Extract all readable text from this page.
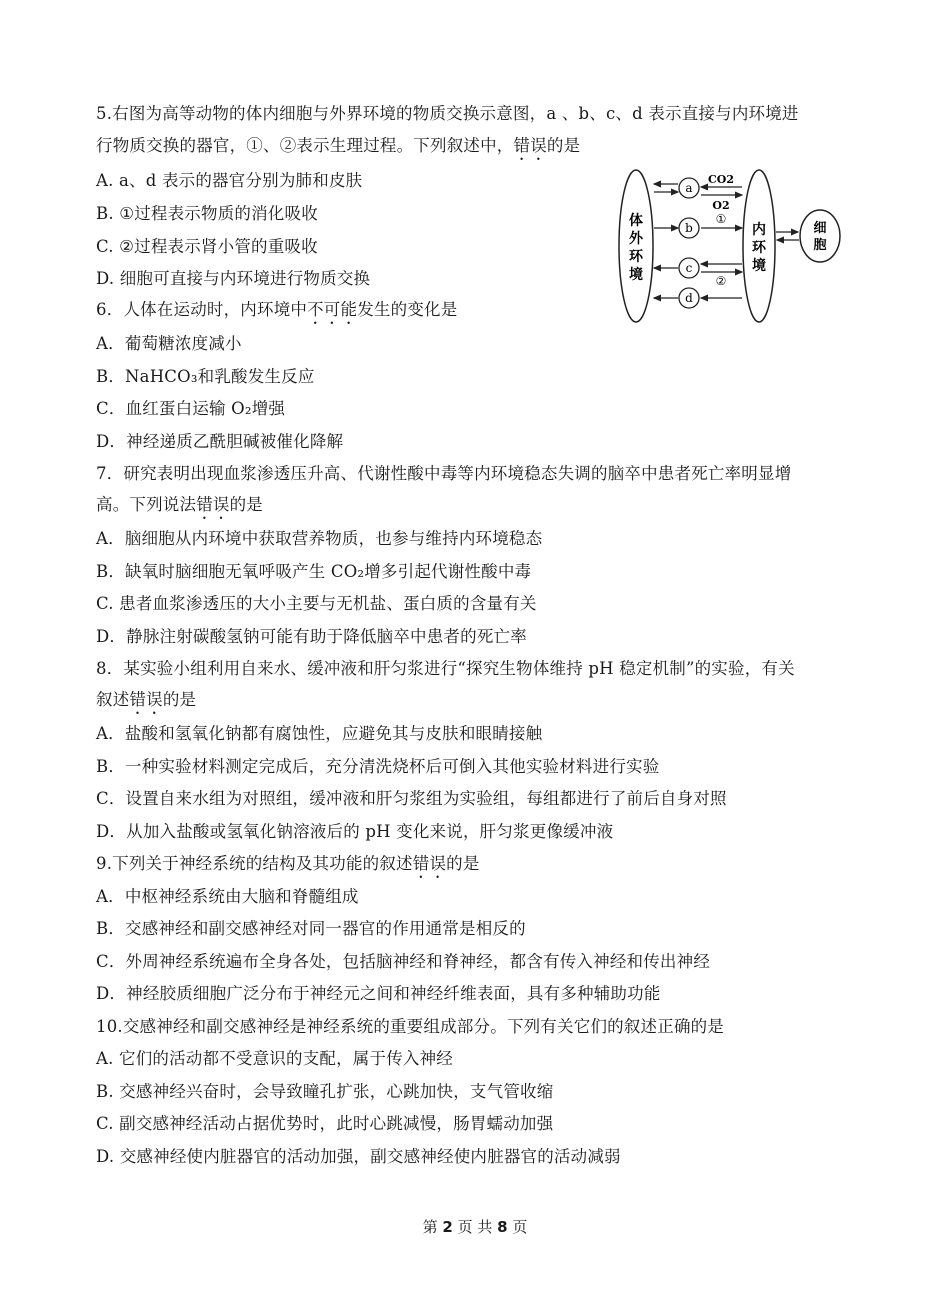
5.右图为高等动物的体内细胞与外界环境的物质交换示意图，a 、b、c、d 表示直接与内环境进
行物质交换的器官，①、②表示生理过程。下列叙述中，错误的是
A. a、d 表示的器官分别为肺和皮肤
B. ①过程表示物质的消化吸收
C. ②过程表示肾小管的重吸收
D. 细胞可直接与内环境进行物质交换
体
外
环
境
内
环
境
细
胞
a
CO2
O2
b
①
c
②
d
6．人体在运动时，内环境中不可能发生的变化是
A．葡萄糖浓度减小
B．NaHCO₃和乳酸发生反应
C．血红蛋白运输 O₂增强
D．神经递质乙酰胆碱被催化降解
7．研究表明出现血浆渗透压升高、代谢性酸中毒等内环境稳态失调的脑卒中患者死亡率明显增
高。下列说法错误的是
A．脑细胞从内环境中获取营养物质，也参与维持内环境稳态
B．缺氧时脑细胞无氧呼吸产生 CO₂增多引起代谢性酸中毒
C. 患者血浆渗透压的大小主要与无机盐、蛋白质的含量有关
D．静脉注射碳酸氢钠可能有助于降低脑卒中患者的死亡率
8．某实验小组利用自来水、缓冲液和肝匀浆进行“探究生物体维持 pH 稳定机制”的实验，有关
叙述错误的是
A．盐酸和氢氧化钠都有腐蚀性，应避免其与皮肤和眼睛接触
B．一种实验材料测定完成后，充分清洗烧杯后可倒入其他实验材料进行实验
C．设置自来水组为对照组，缓冲液和肝匀浆组为实验组，每组都进行了前后自身对照
D．从加入盐酸或氢氧化钠溶液后的 pH 变化来说，肝匀浆更像缓冲液
9.下列关于神经系统的结构及其功能的叙述错误的是
A．中枢神经系统由大脑和脊髓组成
B．交感神经和副交感神经对同一器官的作用通常是相反的
C．外周神经系统遍布全身各处，包括脑神经和脊神经，都含有传入神经和传出神经
D．神经胶质细胞广泛分布于神经元之间和神经纤维表面，具有多种辅助功能
10.交感神经和副交感神经是神经系统的重要组成部分。下列有关它们的叙述正确的是
A. 它们的活动都不受意识的支配，属于传入神经
B. 交感神经兴奋时，会导致瞳孔扩张，心跳加快，支气管收缩
C. 副交感神经活动占据优势时，此时心跳减慢，肠胃蠕动加强
D. 交感神经使内脏器官的活动加强，副交感神经使内脏器官的活动减弱
第 2 页 共 8 页
